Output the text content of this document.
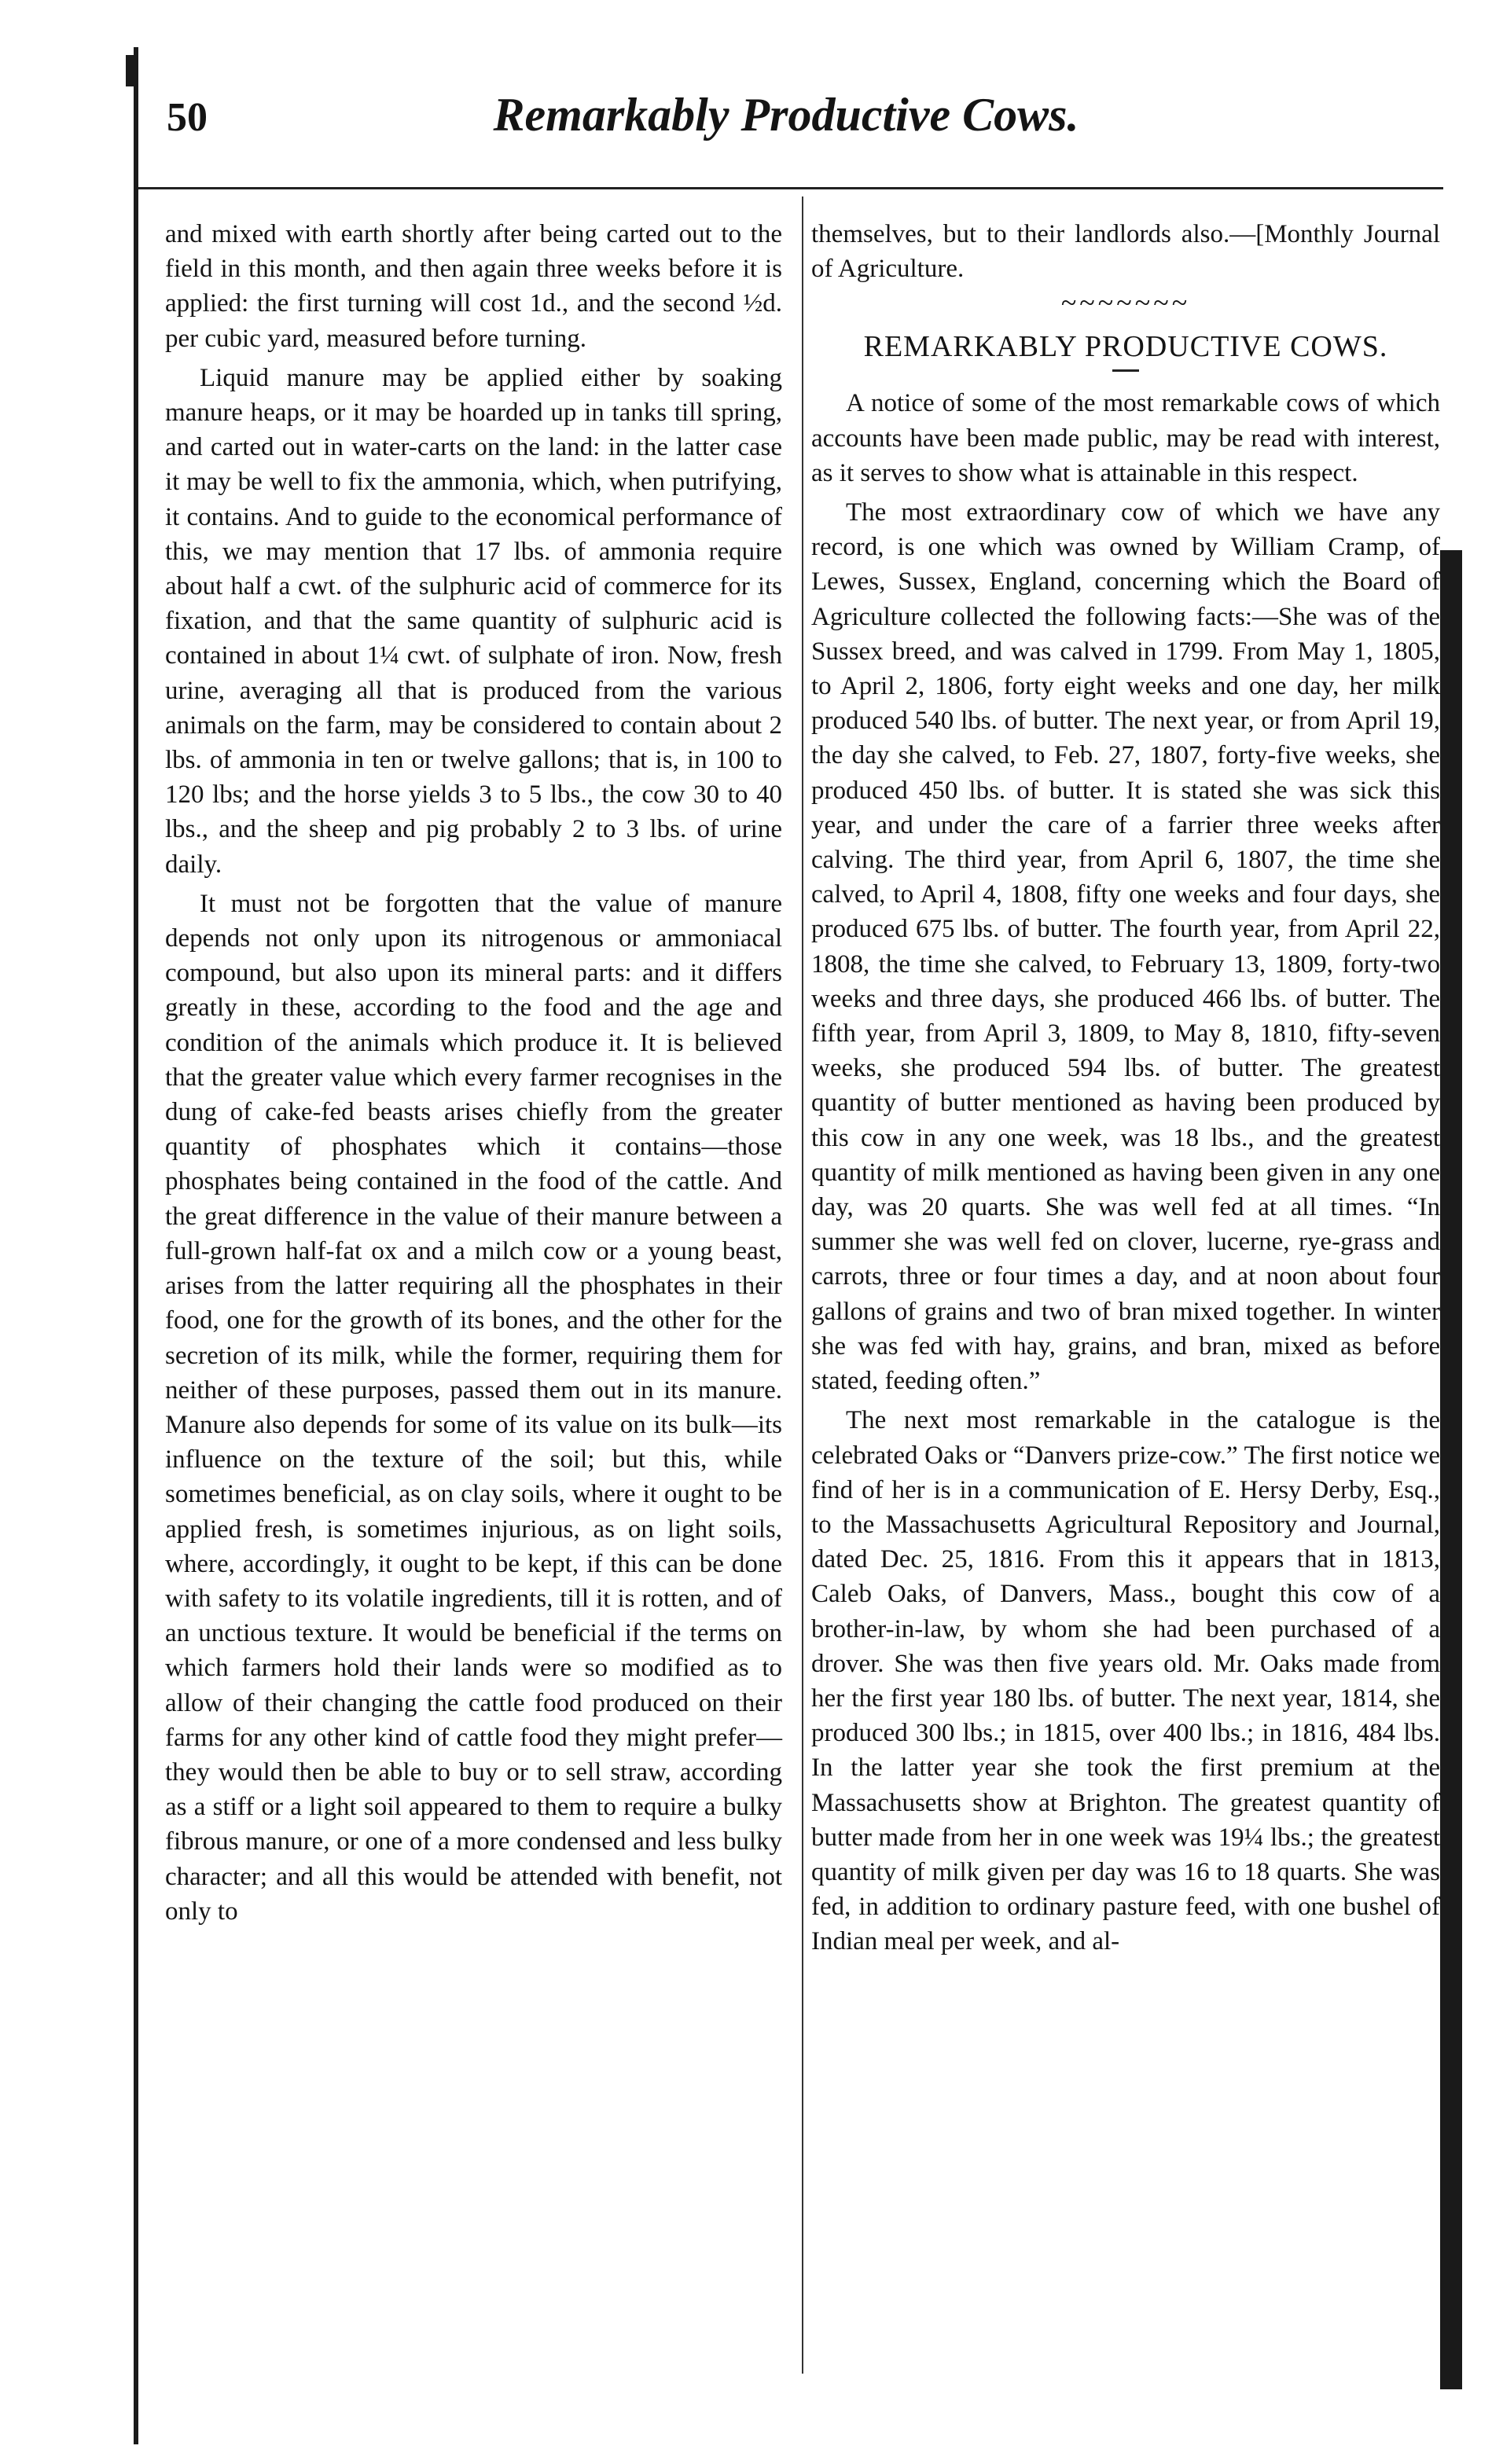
50	Remarkably Productive Cows.

and mixed with earth shortly after being carted out to the field in this month, and then again three weeks before it is applied: the first turning will cost 1d., and the second ½d. per cubic yard, measured before turning.

Liquid manure may be applied either by soaking manure heaps, or it may be hoarded up in tanks till spring, and carted out in water-carts on the land: in the latter case it may be well to fix the ammonia, which, when putrifying, it contains. And to guide to the economical performance of this, we may mention that 17 lbs. of ammonia require about half a cwt. of the sulphuric acid of commerce for its fixation, and that the same quantity of sulphuric acid is contained in about 1¼ cwt. of sulphate of iron. Now, fresh urine, averaging all that is produced from the various animals on the farm, may be considered to contain about 2 lbs. of ammonia in ten or twelve gallons; that is, in 100 to 120 lbs; and the horse yields 3 to 5 lbs., the cow 30 to 40 lbs., and the sheep and pig probably 2 to 3 lbs. of urine daily.

It must not be forgotten that the value of manure depends not only upon its nitrogenous or ammoniacal compound, but also upon its mineral parts: and it differs greatly in these, according to the food and the age and condition of the animals which produce it. It is believed that the greater value which every farmer recognises in the dung of cake-fed beasts arises chiefly from the greater quantity of phosphates which it contains—those phosphates being contained in the food of the cattle. And the great difference in the value of their manure between a full-grown half-fat ox and a milch cow or a young beast, arises from the latter requiring all the phosphates in their food, one for the growth of its bones, and the other for the secretion of its milk, while the former, requiring them for neither of these purposes, passed them out in its manure. Manure also depends for some of its value on its bulk—its influence on the texture of the soil; but this, while sometimes beneficial, as on clay soils, where it ought to be applied fresh, is sometimes injurious, as on light soils, where, accordingly, it ought to be kept, if this can be done with safety to its volatile ingredients, till it is rotten, and of an unctious texture. It would be beneficial if the terms on which farmers hold their lands were so modified as to allow of their changing the cattle food produced on their farms for any other kind of cattle food they might prefer—they would then be able to buy or to sell straw, according as a stiff or a light soil appeared to them to require a bulky fibrous manure, or one of a more condensed and less bulky character; and all this would be attended with benefit, not only to

themselves, but to their landlords also.—[Monthly Journal of Agriculture.

~~~~~~~
REMARKABLY PRODUCTIVE COWS.

A notice of some of the most remarkable cows of which accounts have been made public, may be read with interest, as it serves to show what is attainable in this respect.

The most extraordinary cow of which we have any record, is one which was owned by William Cramp, of Lewes, Sussex, England, concerning which the Board of Agriculture collected the following facts:—She was of the Sussex breed, and was calved in 1799. From May 1, 1805, to April 2, 1806, forty eight weeks and one day, her milk produced 540 lbs. of butter. The next year, or from April 19, the day she calved, to Feb. 27, 1807, forty-five weeks, she produced 450 lbs. of butter. It is stated she was sick this year, and under the care of a farrier three weeks after calving. The third year, from April 6, 1807, the time she calved, to April 4, 1808, fifty one weeks and four days, she produced 675 lbs. of butter. The fourth year, from April 22, 1808, the time she calved, to February 13, 1809, forty-two weeks and three days, she produced 466 lbs. of butter. The fifth year, from April 3, 1809, to May 8, 1810, fifty-seven weeks, she produced 594 lbs. of butter. The greatest quantity of butter mentioned as having been produced by this cow in any one week, was 18 lbs., and the greatest quantity of milk mentioned as having been given in any one day, was 20 quarts. She was well fed at all times. “In summer she was well fed on clover, lucerne, rye-grass and carrots, three or four times a day, and at noon about four gallons of grains and two of bran mixed together. In winter she was fed with hay, grains, and bran, mixed as before stated, feeding often.”

The next most remarkable in the catalogue is the celebrated Oaks or “Danvers prize-cow.” The first notice we find of her is in a communication of E. Hersy Derby, Esq., to the Massachusetts Agricultural Repository and Journal, dated Dec. 25, 1816. From this it appears that in 1813, Caleb Oaks, of Danvers, Mass., bought this cow of a brother-in-law, by whom she had been purchased of a drover. She was then five years old. Mr. Oaks made from her the first year 180 lbs. of butter. The next year, 1814, she produced 300 lbs.; in 1815, over 400 lbs.; in 1816, 484 lbs. In the latter year she took the first premium at the Massachusetts show at Brighton. The greatest quantity of butter made from her in one week was 19¼ lbs.; the greatest quantity of milk given per day was 16 to 18 quarts. She was fed, in addition to ordinary pasture feed, with one bushel of Indian meal per week, and al-
